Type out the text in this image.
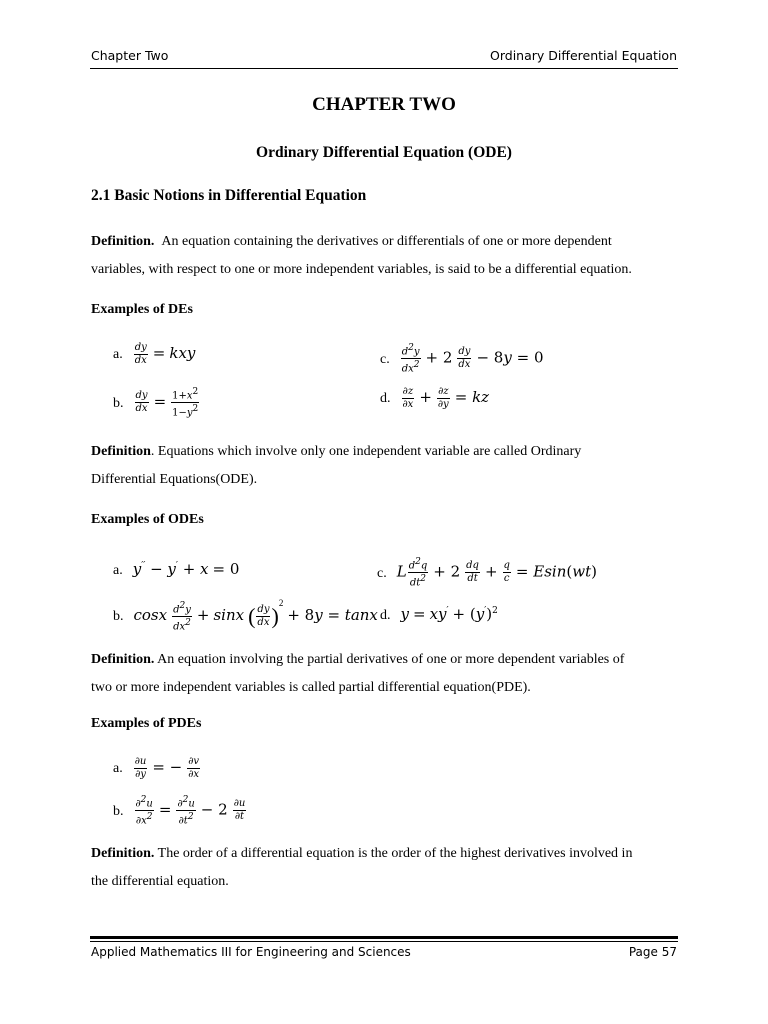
Chapter Two	Ordinary Differential Equation
CHAPTER TWO
Ordinary Differential Equation (ODE)
2.1 Basic Notions in Differential Equation
Definition. An equation containing the derivatives or differentials of one or more dependent
variables, with respect to one or more independent variables, is said to be a differential equation.
Examples of DEs
a. $\frac{dy}{dx}$ = kxy
b. $\frac{dy}{dx} = \frac{1+x^2}{1-y^2}$
c. $\frac{d^2y}{dx^2} + 2 \frac{dy}{dx} - 8y = 0$
d. $\frac{\partial z}{\partial x} + \frac{\partial z}{\partial y}$ = kz
Definition. Equations which involve only one independent variable are called Ordinary
Differential Equations(ODE).
Examples of ODEs
a. y′′ − y′ + x = 0
b. cosx $\frac{d^2y}{dx^2} + \sin x$ ( $\frac{dy}{dx} )^2 + 8y = \tan x$
c. L $\frac{d^2q}{dt^2} + 2 \frac{dq}{dt} + \frac{q}{c} = Esin(wt)$
d. $y = xy' + (y')^2$
Definition. An equation involving the partial derivatives of one or more dependent variables of
two or more independent variables is called partial differential equation(PDE).
Examples of PDEs
a. $\frac{\partial u}{\partial y}$ = − $\frac{\partial v}{\partial x}$
b. $\frac{\partial^2u}{\partial x^2} = \frac{\partial^2u}{\partial t^2} - 2 \frac{\partial u}{\partial t}$
Definition. The order of a differential equation is the order of the highest derivatives involved in
the differential equation.
Applied Mathematics III for Engineering and Sciences	Page 57
